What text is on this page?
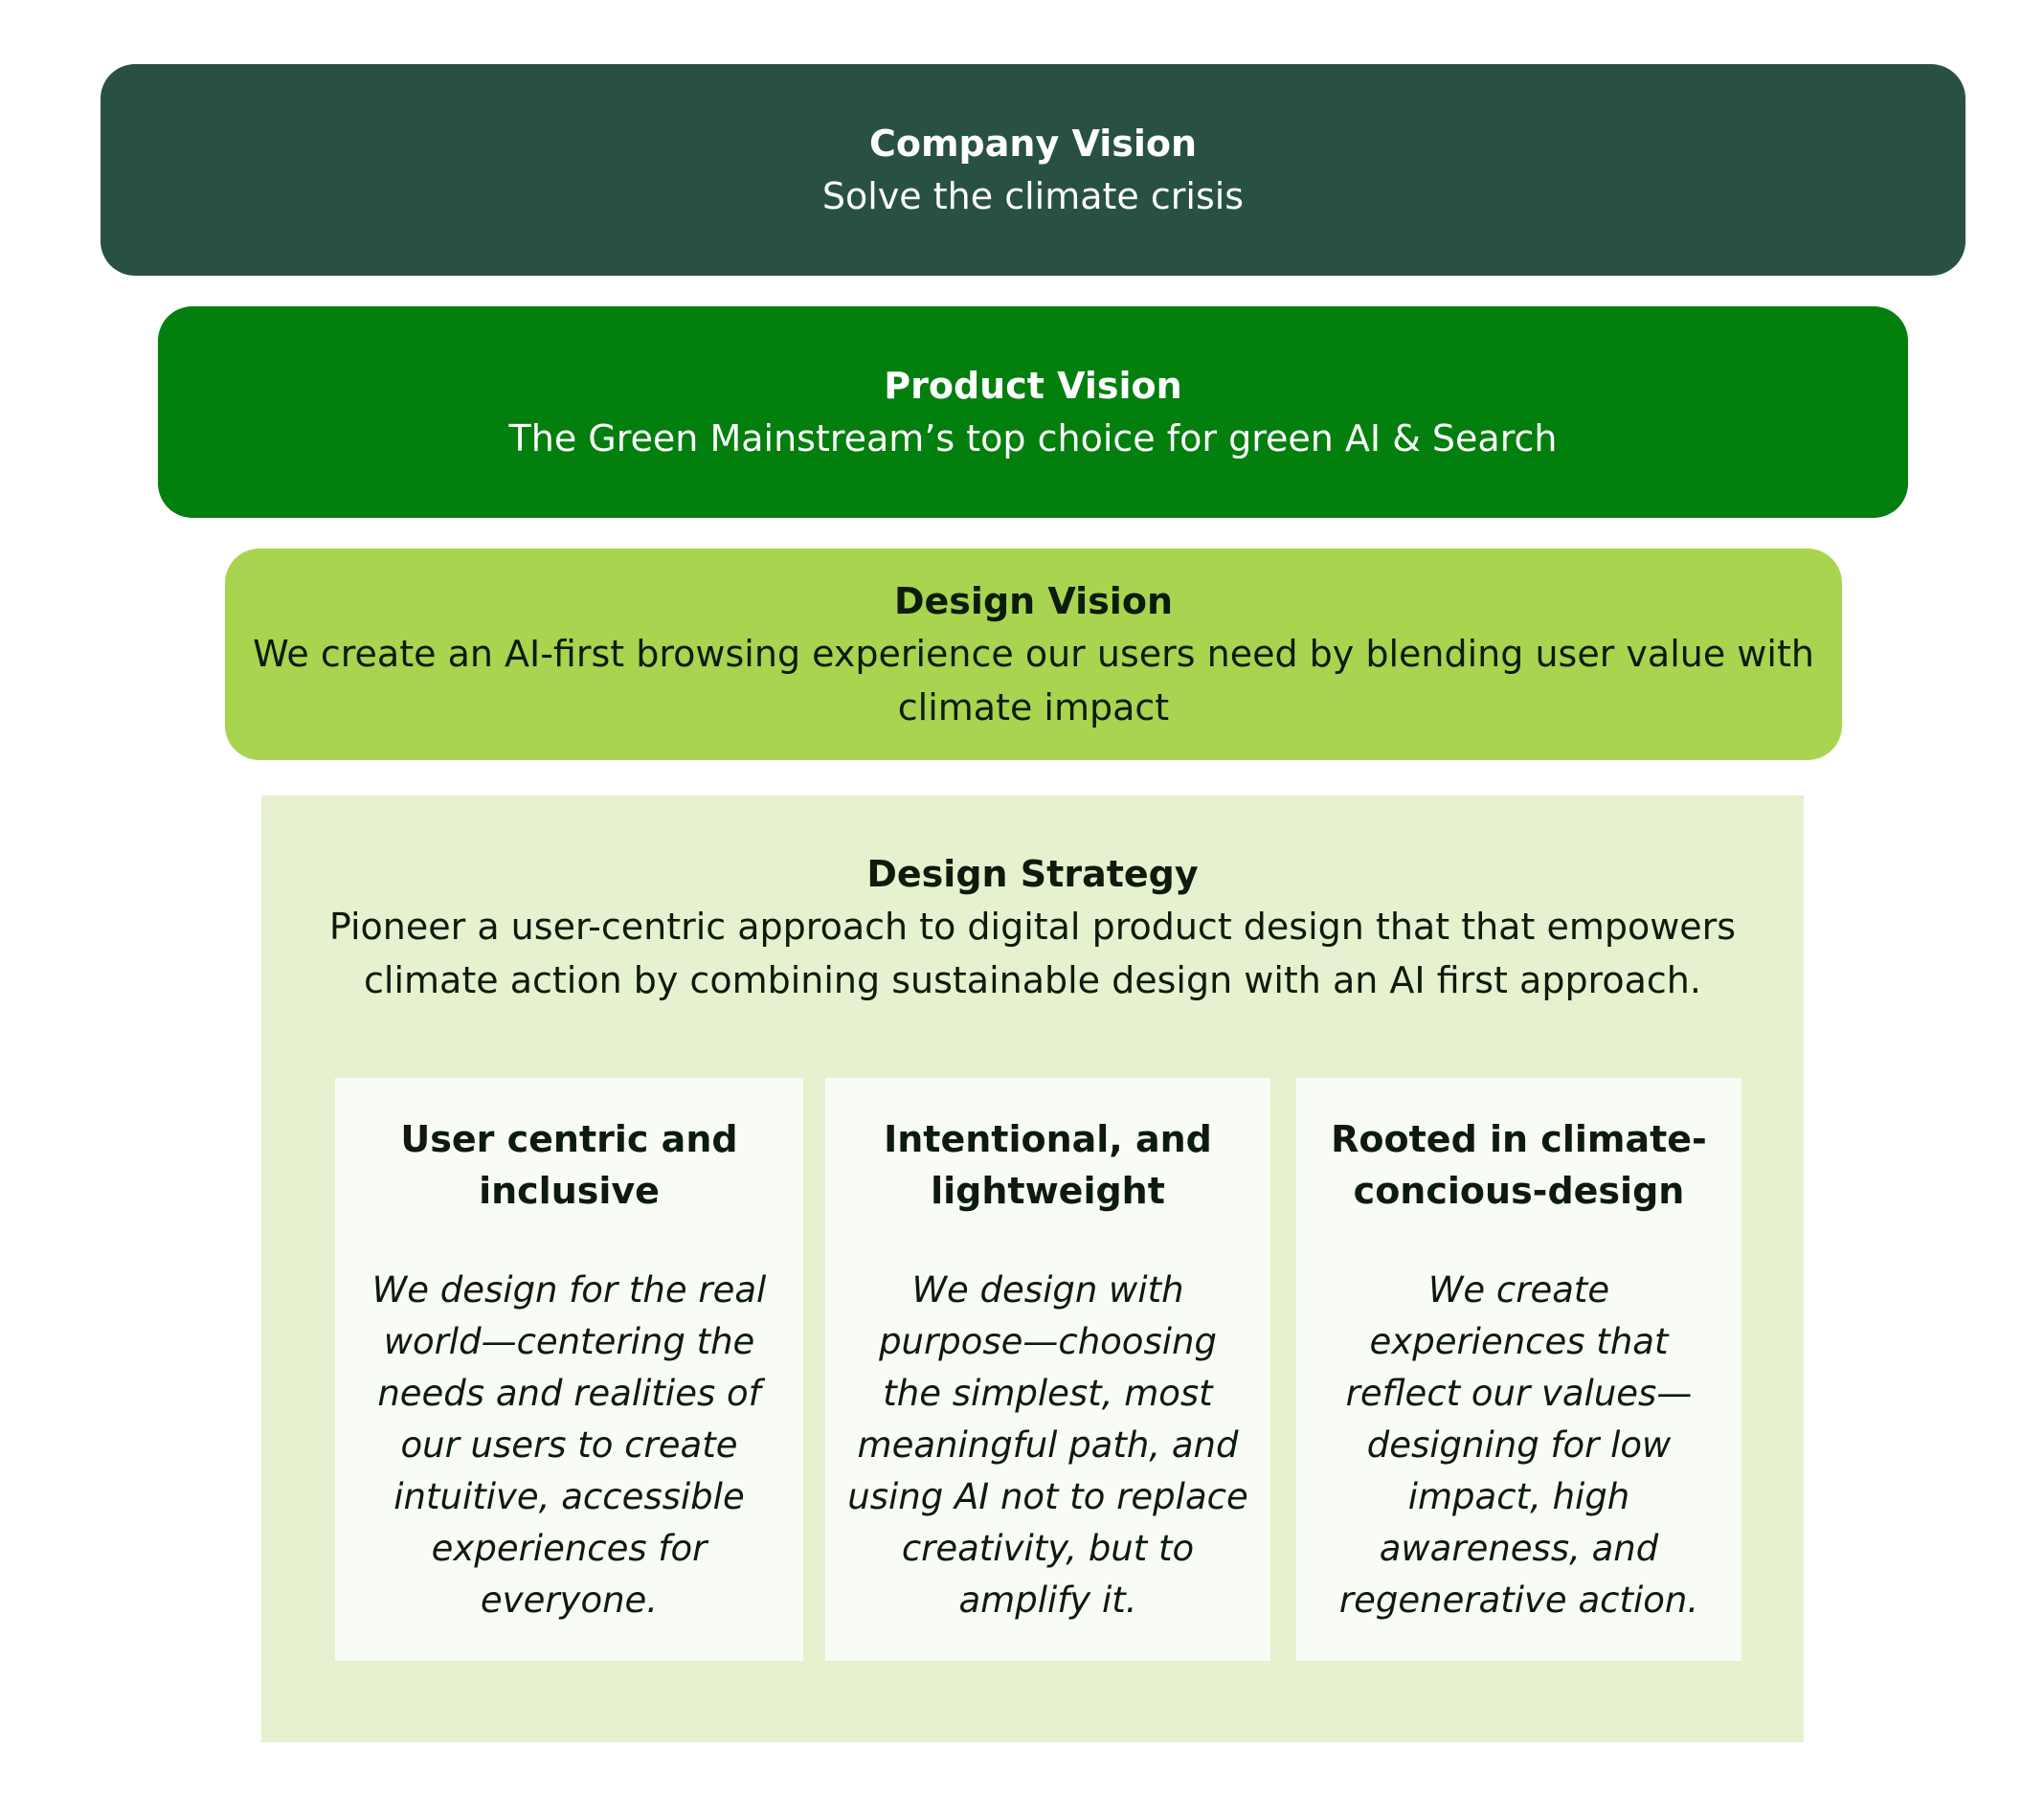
Company Vision
Solve the climate crisis
Product Vision
The Green Mainstream’s top choice for green AI & Search
Design Vision
We create an AI-first browsing experience our users need by blending user value with climate impact
Design Strategy
Pioneer a user-centric approach to digital product design that that empowers climate action by combining sustainable design with an AI first approach.
User centric and inclusive
We design for the real world—centering the needs and realities of our users to create intuitive, accessible experiences for everyone.
Intentional, and lightweight
We design with purpose—choosing the simplest, most meaningful path, and using AI not to replace creativity, but to amplify it.
Rooted in climate-concious-design
We create experiences that reflect our values—designing for low impact, high awareness, and regenerative action.
